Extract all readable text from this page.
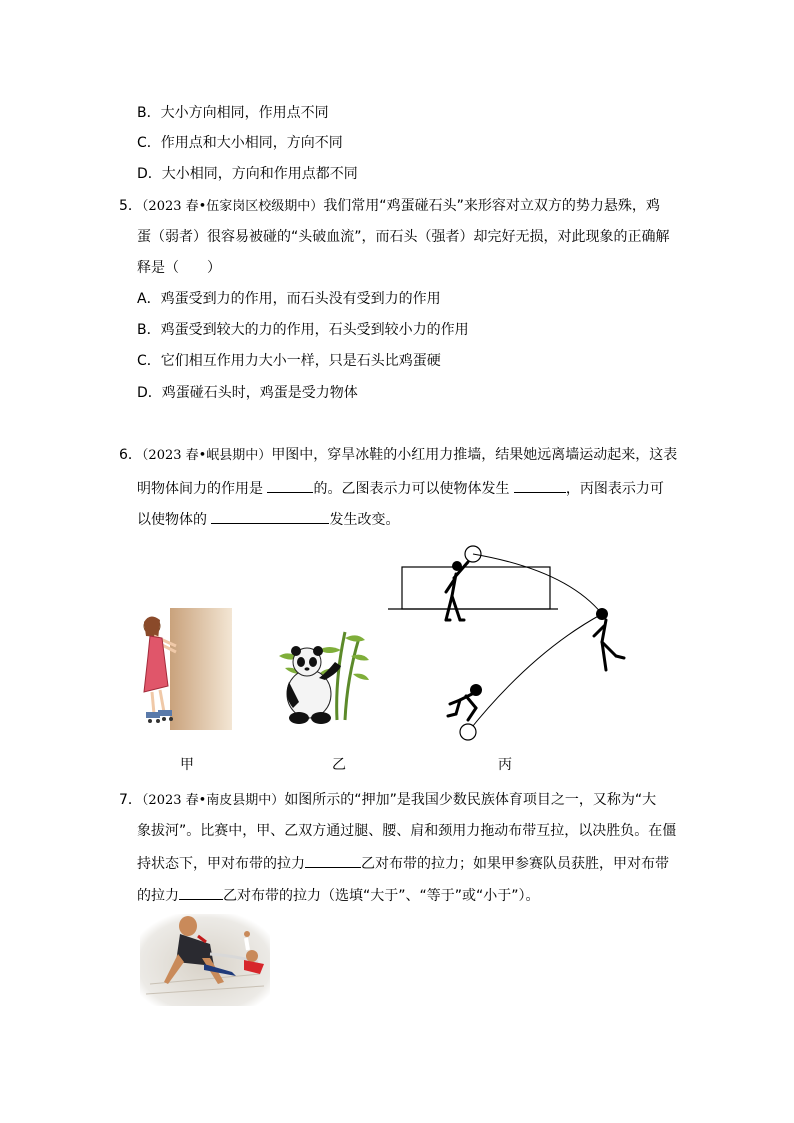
B．大小方向相同，作用点不同
C．作用点和大小相同，方向不同
D．大小相同，方向和作用点都不同
5．（2023 春•伍家岗区校级期中）我们常用“鸡蛋碰石头”来形容对立双方的势力悬殊，鸡
蛋（弱者）很容易被碰的“头破血流”，而石头（强者）却完好无损，对此现象的正确解
释是（　　）
A．鸡蛋受到力的作用，而石头没有受到力的作用
B．鸡蛋受到较大的力的作用，石头受到较小力的作用
C．它们相互作用力大小一样，只是石头比鸡蛋硬
D．鸡蛋碰石头时，鸡蛋是受力物体
6．（2023 春•岷县期中）甲图中，穿旱冰鞋的小红用力推墙，结果她远离墙运动起来，这表
明物体间力的作用是	的。乙图表示力可以使物体发生	，丙图表示力可
以使物体的	发生改变。
甲	乙	丙
7．（2023 春•南皮县期中）如图所示的“押加”是我国少数民族体育项目之一，又称为“大
象拔河”。比赛中，甲、乙双方通过腿、腰、肩和颈用力拖动布带互拉，以决胜负。在僵
持状态下，甲对布带的拉力	乙对布带的拉力；如果甲参赛队员获胜，甲对布带
的拉力	乙对布带的拉力（选填“大于”、“等于”或“小于”）。
